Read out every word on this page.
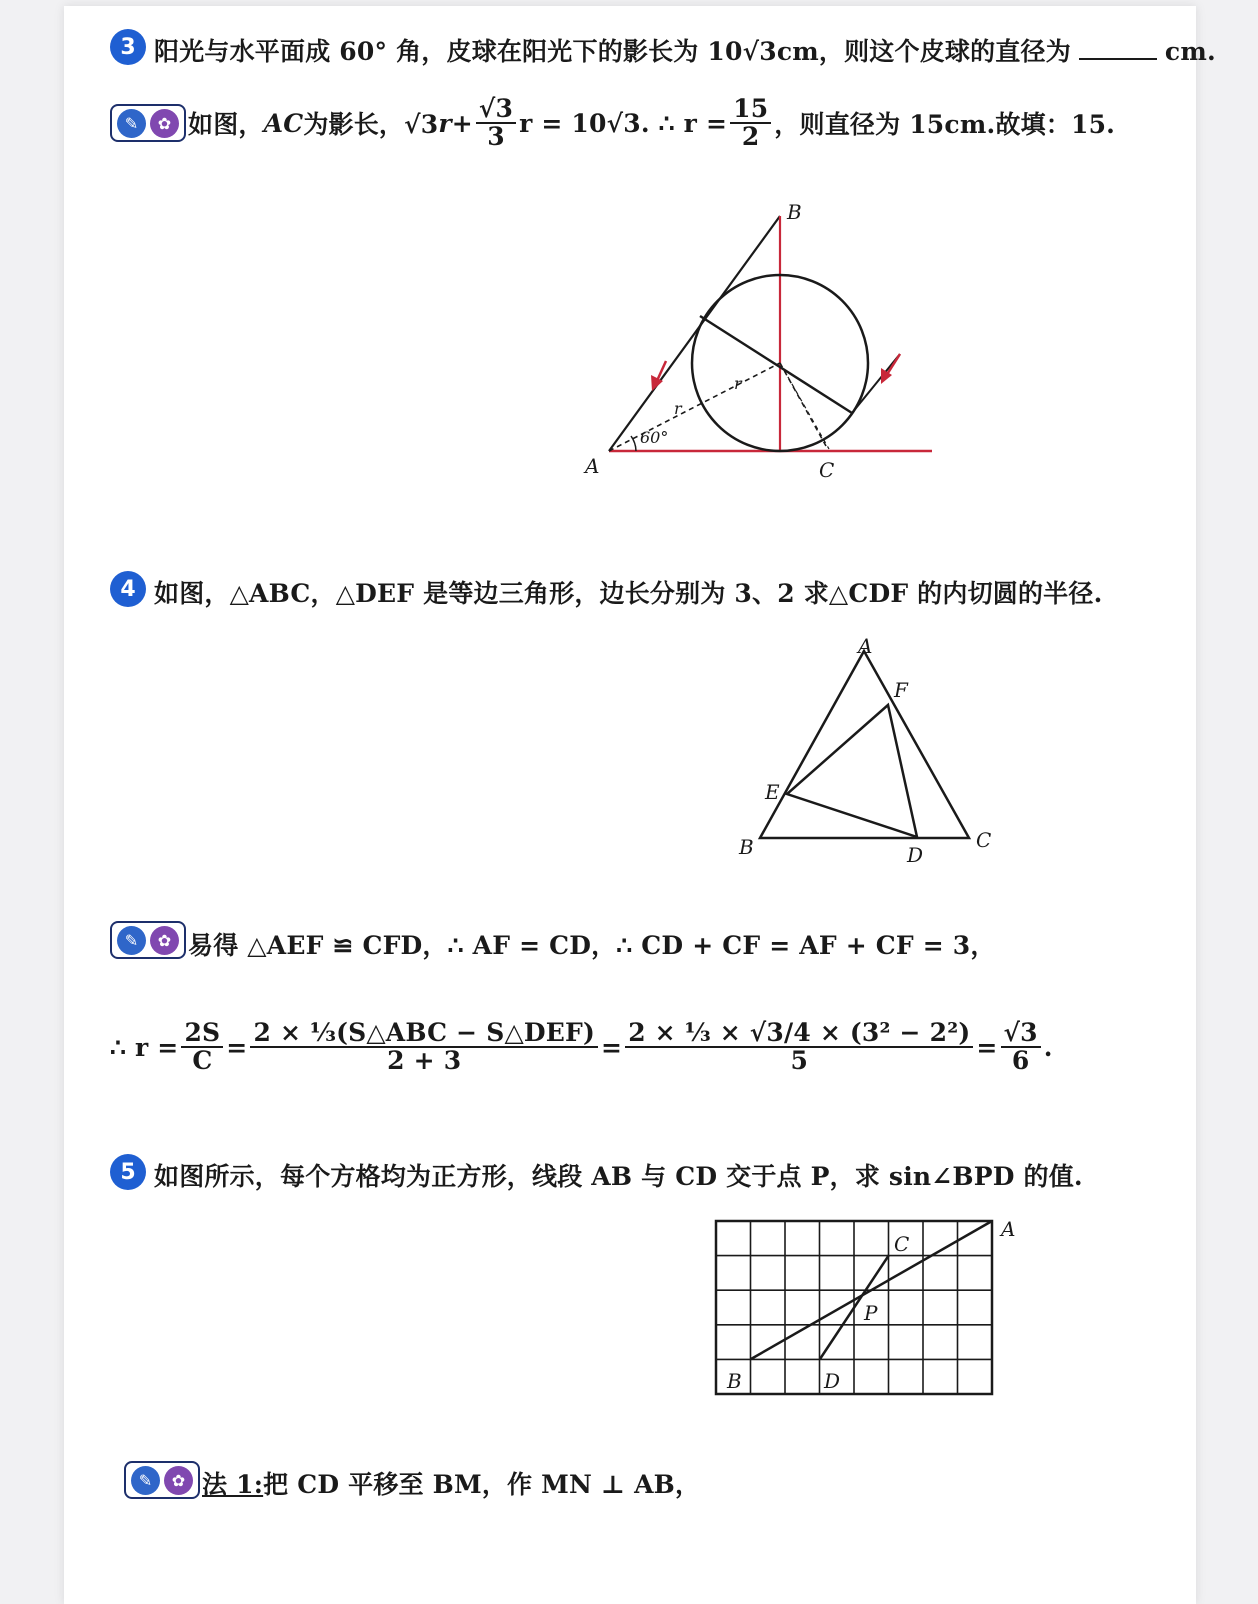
3 阳光与水平面成 60° 角，皮球在阳光下的影长为 10√3cm，则这个皮球的直径为	cm.
✎	✿ 如图， AC 为影长，√3 $r + \frac{√3}{3}$ r = 10√3. ∴ $r = \frac{15}{2}$ ，则直径为 15cm.故填：15.
60°
r
r
B
A	C
4 如图，△ABC，△DEF 是等边三角形，边长分别为 3、2 求△CDF 的内切圆的半径.
A
F
E
B	D
C
✎	✿ 易得 △AEF ≌ CFD，∴ AF = CD，∴ CD + CF = AF + CF = 3，
∴ $r = \frac{2S}{C} = \frac{\text{2 × ⅓(S△ABC − S△DEF)}}{2 + 3} = \frac{\text{2 × ⅓ × √3/4 × (3² − 2²)}}{5} = \frac{√3}{6}$ .
5 如图所示，每个方格均为正方形，线段 AB 与 CD 交于点 P，求 sin∠BPD 的值.
A
B
C
D
P
✎	✿ 法 1:把 CD 平移至 BM，作 MN ⊥ AB，
